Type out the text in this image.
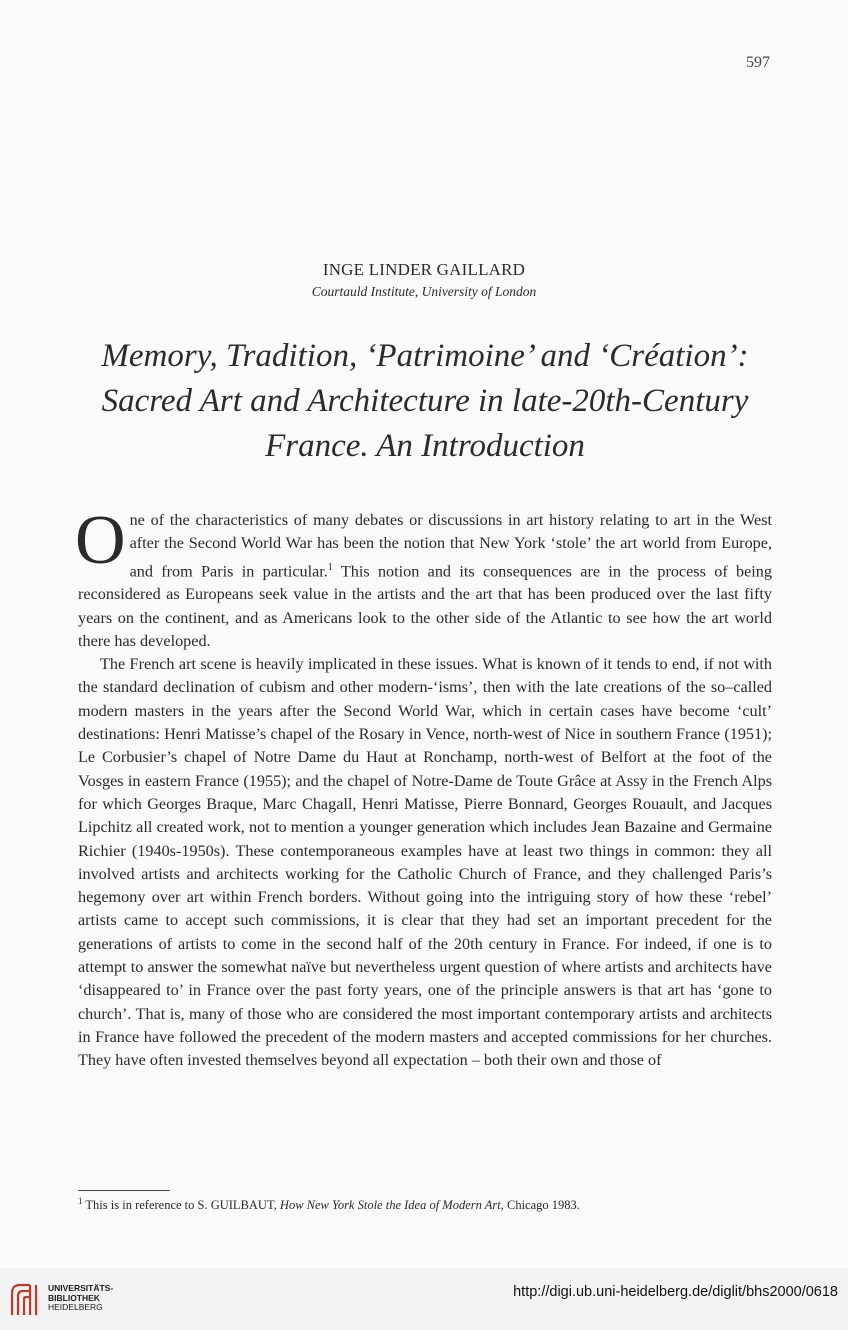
597
INGE LINDER GAILLARD
Courtauld Institute, University of London
Memory, Tradition, ‘Patrimoine’ and ‘Création’:
Sacred Art and Architecture in late-20th-Century
France. An Introduction

One of the characteristics of many debates or discussions in art history relating to art in the West after the Second World War has been the notion that New York ‘stole’ the art world from Europe, and from Paris in particular.$^1$ This notion and its consequences are in the process of being reconsidered as Europeans seek value in the artists and the art that has been produced over the last fifty years on the continent, and as Americans look to the other side of the Atlantic to see how the art world there has developed.

The French art scene is heavily implicated in these issues. What is known of it tends to end, if not with the standard declination of cubism and other modern-‘isms’, then with the late creations of the so–called modern masters in the years after the Second World War, which in certain cases have become ‘cult’ destinations: Henri Matisse’s chapel of the Rosary in Vence, north-west of Nice in southern France (1951); Le Corbusier’s chapel of Notre Dame du Haut at Ronchamp, north-west of Belfort at the foot of the Vosges in eastern France (1955); and the chapel of Notre-Dame de Toute Grâce at Assy in the French Alps for which Georges Braque, Marc Chagall, Henri Matisse, Pierre Bonnard, Georges Rouault, and Jacques Lipchitz all created work, not to mention a younger generation which includes Jean Bazaine and Germaine Richier (1940s-1950s). These contemporaneous examples have at least two things in common: they all involved artists and architects working for the Catholic Church of France, and they challenged Paris’s hegemony over art within French borders. Without going into the intriguing story of how these ‘rebel’ artists came to accept such commissions, it is clear that they had set an important precedent for the generations of artists to come in the second half of the 20th century in France. For indeed, if one is to attempt to answer the somewhat naïve but nevertheless urgent question of where artists and architects have ‘disappeared to’ in France over the past forty years, one of the principle answers is that art has ‘gone to church’. That is, many of those who are considered the most important contemporary artists and architects in France have followed the precedent of the modern masters and accepted commissions for her churches. They have often invested themselves beyond all expectation – both their own and those of

$^1$ This is in reference to S. GUILBAUT, How New York Stole the Idea of Modern Art, Chicago 1983.
UNIVERSITÄTS-
BIBLIOTHEK
HEIDELBERG
http://digi.ub.uni-heidelberg.de/diglit/bhs2000/0618
